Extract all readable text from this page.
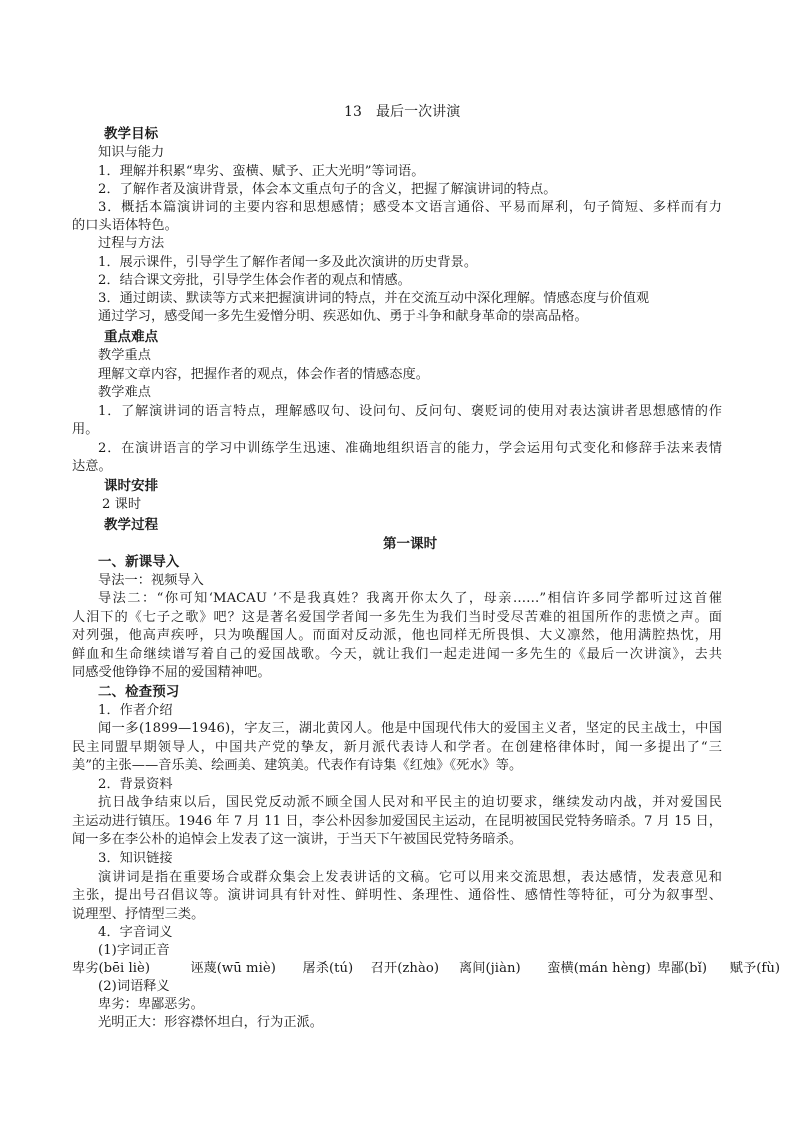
13　最后一次讲演
教学目标
知识与能力
1．理解并积累“卑劣、蛮横、赋予、正大光明”等词语。
2．了解作者及演讲背景，体会本文重点句子的含义，把握了解演讲词的特点。
3．概括本篇演讲词的主要内容和思想感情；感受本文语言通俗、平易而犀利，句子简短、多样而有力
的口头语体特色。
过程与方法
1．展示课件，引导学生了解作者闻一多及此次演讲的历史背景。
2．结合课文旁批，引导学生体会作者的观点和情感。
3．通过朗读、默读等方式来把握演讲词的特点，并在交流互动中深化理解。情感态度与价值观
通过学习，感受闻一多先生爱憎分明、疾恶如仇、勇于斗争和献身革命的崇高品格。
重点难点
教学重点
理解文章内容，把握作者的观点，体会作者的情感态度。
教学难点
1．了解演讲词的语言特点，理解感叹句、设问句、反问句、褒贬词的使用对表达演讲者思想感情的作
用。
2．在演讲语言的学习中训练学生迅速、准确地组织语言的能力，学会运用句式变化和修辞手法来表情
达意。
课时安排
2 课时
教学过程
第一课时
一、新课导入
导法一：视频导入
导法二：“你可知‘MACAU ’不是我真姓？我离开你太久了，母亲……”相信许多同学都听过这首催
人泪下的《七子之歌》吧？这是著名爱国学者闻一多先生为我们当时受尽苦难的祖国所作的悲愤之声。面
对列强，他高声疾呼，只为唤醒国人。而面对反动派，他也同样无所畏惧、大义凛然，他用满腔热忱，用
鲜血和生命继续谱写着自己的爱国战歌。今天，就让我们一起走进闻一多先生的《最后一次讲演》，去共
同感受他铮铮不屈的爱国精神吧。
二、检查预习
1．作者介绍
闻一多(1899—1946)，字友三，湖北黄冈人。他是中国现代伟大的爱国主义者，坚定的民主战士，中国
民主同盟早期领导人，中国共产党的挚友，新月派代表诗人和学者。在创建格律体时，闻一多提出了“三
美”的主张——音乐美、绘画美、建筑美。代表作有诗集《红烛》《死水》等。
2．背景资料
抗日战争结束以后，国民党反动派不顾全国人民对和平民主的迫切要求，继续发动内战，并对爱国民
主运动进行镇压。1946 年 7 月 11 日，李公朴因参加爱国民主运动，在昆明被国民党特务暗杀。7 月 15 日，
闻一多在李公朴的追悼会上发表了这一演讲，于当天下午被国民党特务暗杀。
3．知识链接
演讲词是指在重要场合或群众集会上发表讲话的文稿。它可以用来交流思想，表达感情，发表意见和
主张，提出号召倡议等。演讲词具有针对性、鲜明性、条理性、通俗性、感情性等特征，可分为叙事型、
说理型、抒情型三类。
4．字音词义
(1)字词正音
卑劣(bēi liè)	诬蔑(wū miè) 屠杀(tú) 召开(zhào) 离间(jiàn) 蛮横(mán hèng) 卑鄙(bǐ) 赋予(fù)
(2)词语释义
卑劣：卑鄙恶劣。
光明正大：形容襟怀坦白，行为正派。
